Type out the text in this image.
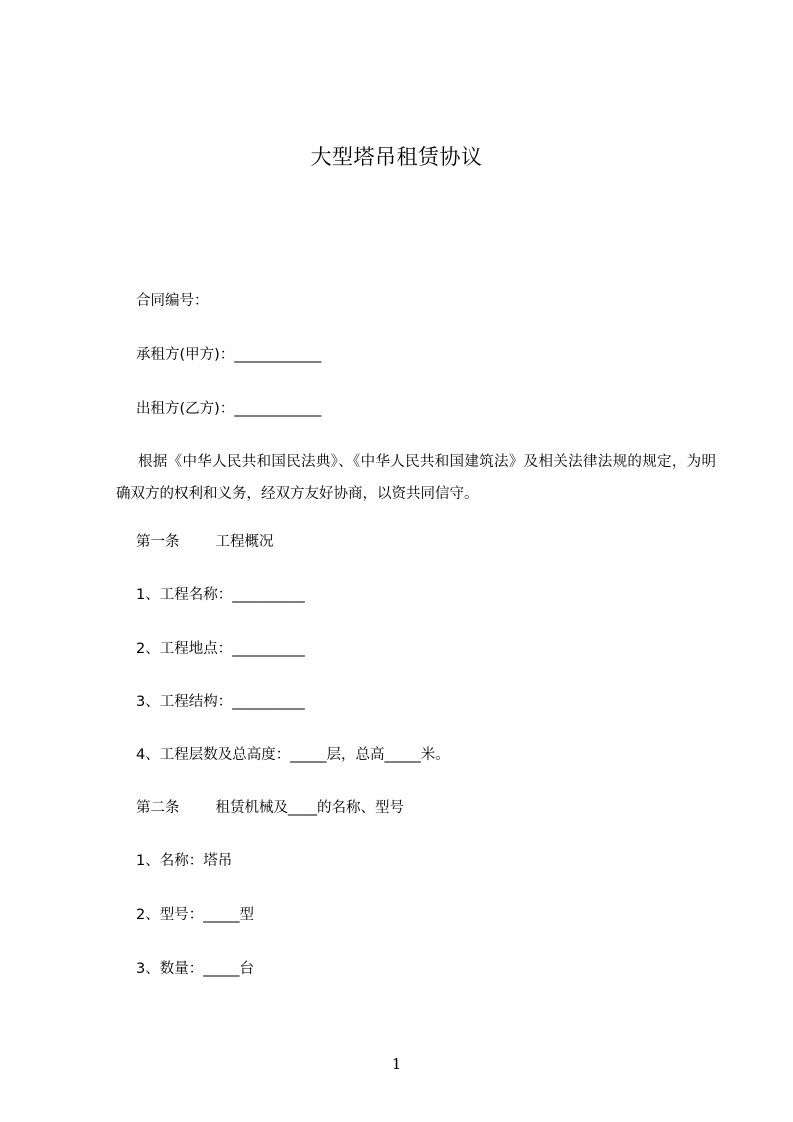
大型塔吊租赁协议
合同编号：
承租方(甲方)：____________
出租方(乙方)：____________
根据《中华人民共和国民法典》、《中华人民共和国建筑法》及相关法律法规的规定，为明确双方的权利和义务，经双方友好协商，以资共同信守。
第一条 工程概况
1、工程名称：__________
2、工程地点：__________
3、工程结构：__________
4、工程层数及总高度：_____层，总高_____米。
第二条 租赁机械及____的名称、型号
1、名称：塔吊
2、型号：_____型
3、数量：_____台
1
